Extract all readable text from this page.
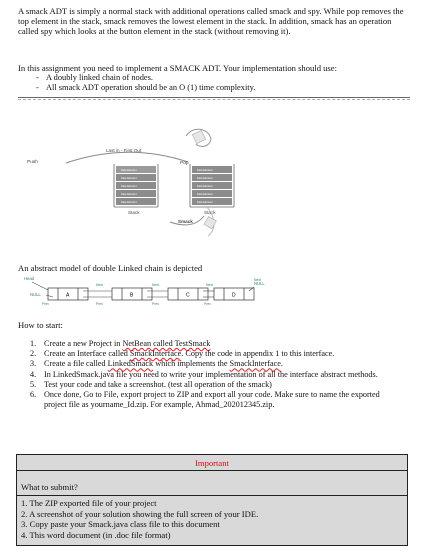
A smack ADT is simply a normal stack with additional operations called smack and spy. While pop removes the top element in the stack, smack removes the lowest element in the stack. In addition, smack has an operation called spy which looks at the button element in the stack (without removing it).
In this assignment you need to implement a SMACK ADT. Your implementation should use:
- A doubly linked chain of nodes.
- All smack ADT operation should be an O (1) time complexity.
Last in - First Out
Push	Pop
Data Element
Data Element
Data Element
Data Element
Data Element
Stack
Data Element
Data Element
Data Element
Data Element
Data Element
Stack
Smack
An abstract model of double Linked chain is depicted
Head
NULL
NULL
A	B	C	D
Next	Next	Next
Next
Prev	Prev	Prev	Prev
How to start:
1. Create a new Project in NetBean called TestSmack
2. Create an Interface called SmackInterface. Copy the code in appendix 1 to this interface.
3. Create a file called LinkedSmack which implements the SmackInterface.
4. In LinkedSmack.java file you need to write your implementation of all the interface abstract methods.
5. Test your code and take a screenshot. (test all operation of the smack)
6. Once done, Go to File, export project to ZIP and export all your code. Make sure to name the exported project file as yourname_Id.zip. For example, Ahmad_202012345.zip.
Important
What to submit?
1. The ZIP exported file of your project
2. A screenshot of your solution showing the full screen of your IDE.
3. Copy paste your Smack.java class file to this document
4. This word document (in .doc file format)
